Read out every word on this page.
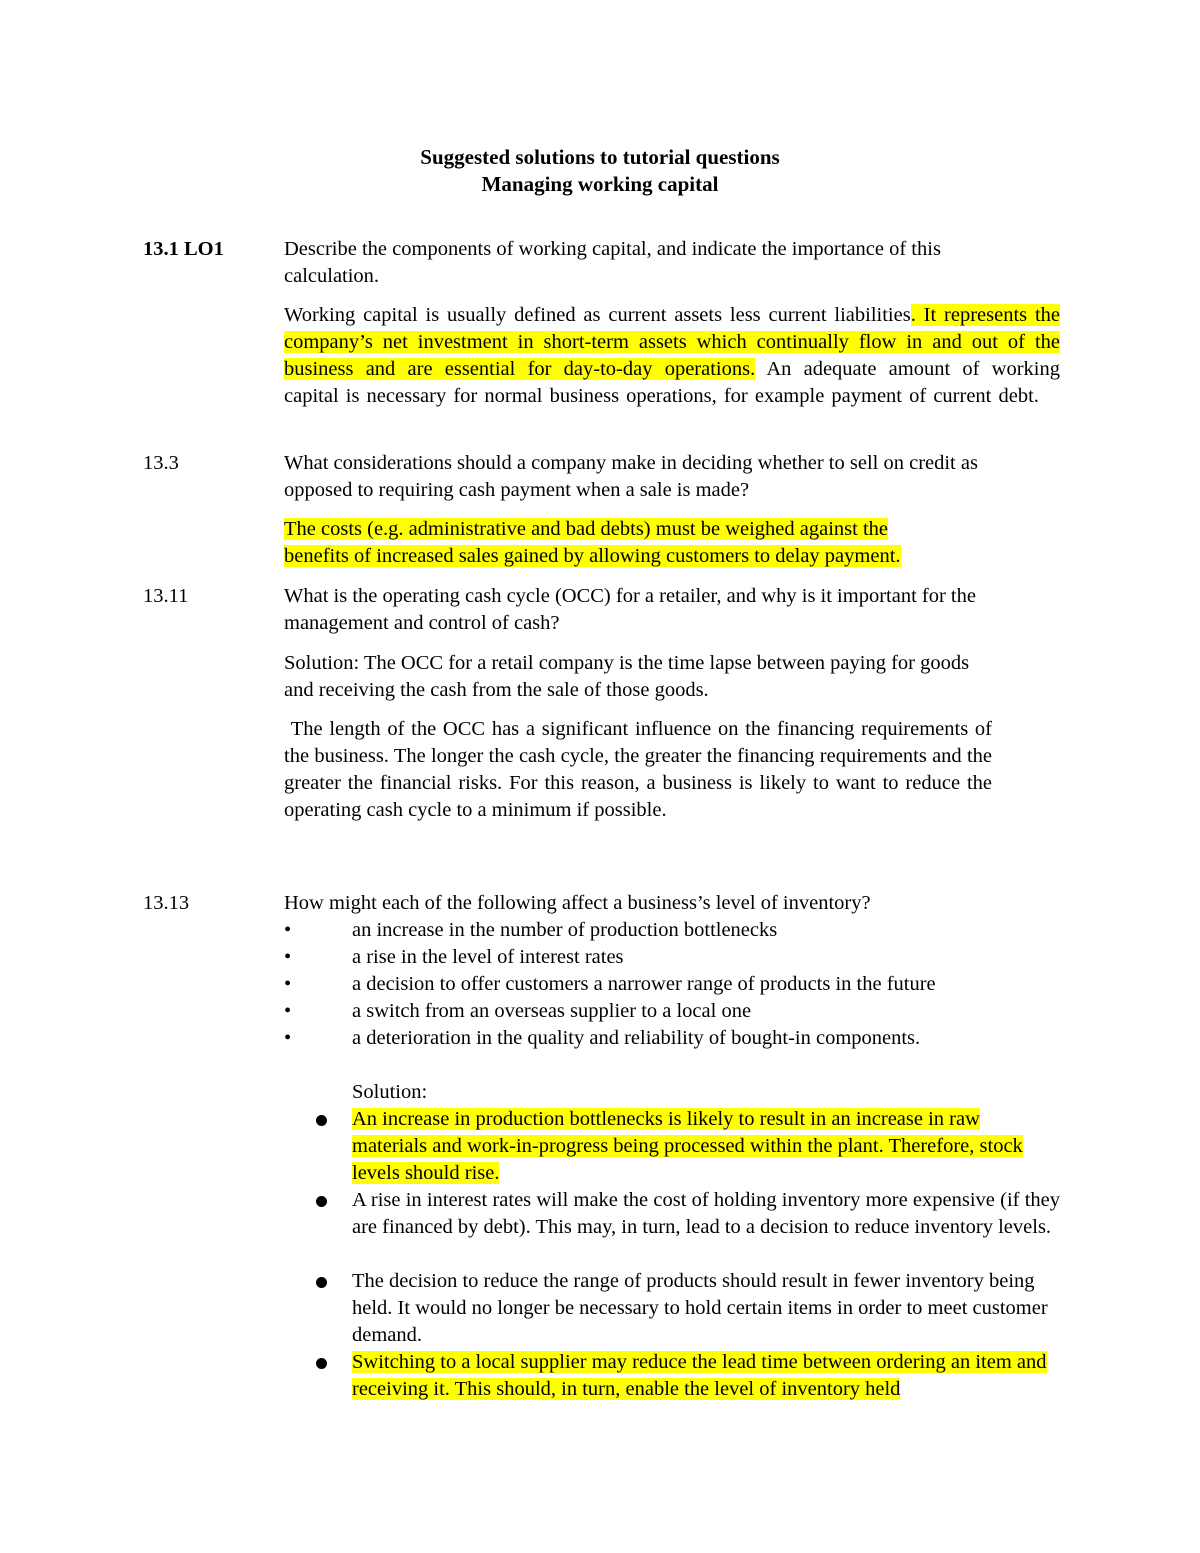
Suggested solutions to tutorial questions
Managing working capital
13.1 LO1	Describe the components of working capital, and indicate the importance of this calculation.
Working capital is usually defined as current assets less current liabilities. It represents the company’s net investment in short-term assets which continually flow in and out of the business and are essential for day-to-day operations. An adequate amount of working capital is necessary for normal business operations, for example payment of current debt.
13.3	What considerations should a company make in deciding whether to sell on credit as opposed to requiring cash payment when a sale is made?
The costs (e.g. administrative and bad debts) must be weighed against the
benefits of increased sales gained by allowing customers to delay payment.
13.11	What is the operating cash cycle (OCC) for a retailer, and why is it important for the management and control of cash?
Solution: The OCC for a retail company is the time lapse between paying for goods and receiving the cash from the sale of those goods.
The length of the OCC has a significant influence on the financing requirements of the business. The longer the cash cycle, the greater the financing requirements and the greater the financial risks. For this reason, a business is likely to want to reduce the operating cash cycle to a minimum if possible.
13.13	How might each of the following affect a business’s level of inventory?
•	an increase in the number of production bottlenecks
•	a rise in the level of interest rates
•	a decision to offer customers a narrower range of products in the future
•	a switch from an overseas supplier to a local one
•	a deterioration in the quality and reliability of bought-in components.
Solution:
An increase in production bottlenecks is likely to result in an increase in raw materials and work-in-progress being processed within the plant. Therefore, stock levels should rise.
A rise in interest rates will make the cost of holding inventory more expensive (if they are financed by debt). This may, in turn, lead to a decision to reduce inventory levels.
The decision to reduce the range of products should result in fewer inventory being held. It would no longer be necessary to hold certain items in order to meet customer demand.
Switching to a local supplier may reduce the lead time between ordering an item and receiving it. This should, in turn, enable the level of inventory held
